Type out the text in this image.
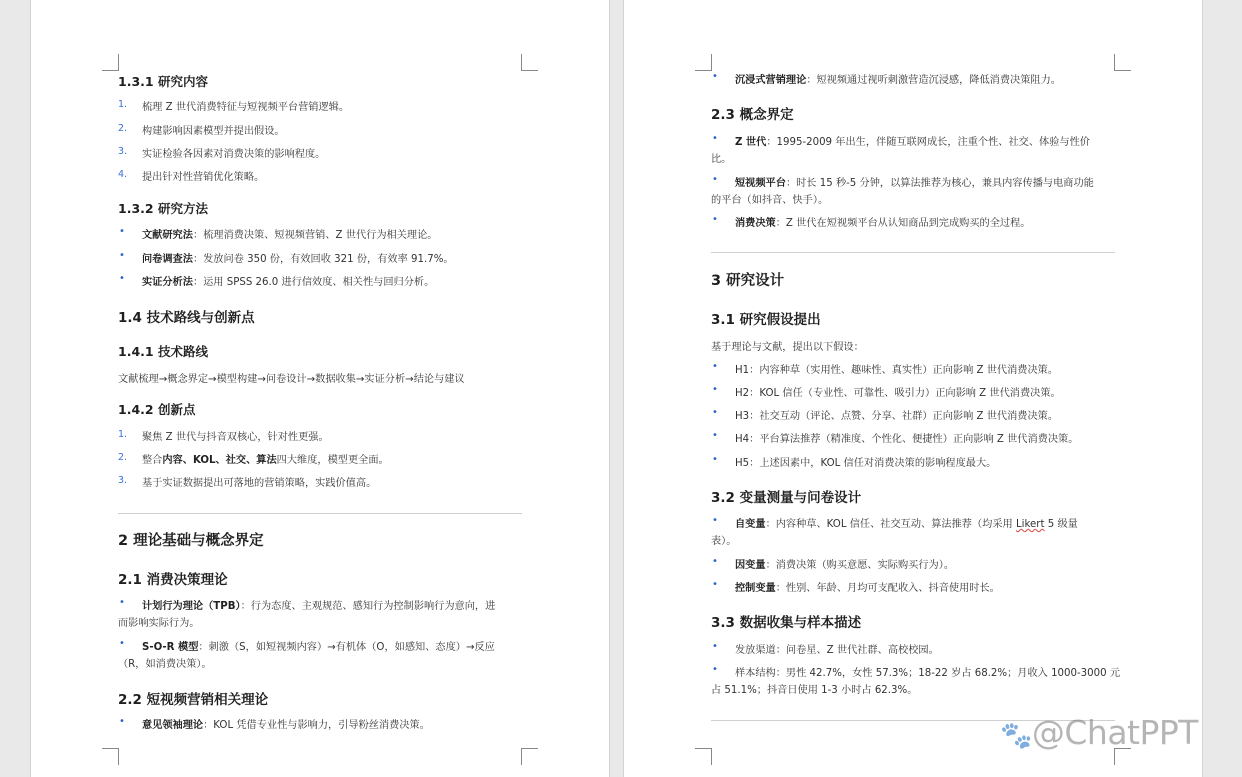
1.3.1 研究内容
1. 梳理 Z 世代消费特征与短视频平台营销逻辑。
2. 构建影响因素模型并提出假设。
3. 实证检验各因素对消费决策的影响程度。
4. 提出针对性营销优化策略。
1.3.2 研究方法
• 文献研究法：梳理消费决策、短视频营销、Z 世代行为相关理论。
• 问卷调查法：发放问卷 350 份，有效回收 321 份，有效率 91.7%。
• 实证分析法：运用 SPSS 26.0 进行信效度、相关性与回归分析。
1.4 技术路线与创新点
1.4.1 技术路线
文献梳理→概念界定→模型构建→问卷设计→数据收集→实证分析→结论与建议
1.4.2 创新点
1. 聚焦 Z 世代与抖音双核心，针对性更强。
2. 整合内容、KOL、社交、算法四大维度，模型更全面。
3. 基于实证数据提出可落地的营销策略，实践价值高。
2 理论基础与概念界定
2.1 消费决策理论
• 计划行为理论（TPB）：行为态度、主观规范、感知行为控制影响行为意向，进
而影响实际行为。
• S-O-R 模型：刺激（S，如短视频内容）→有机体（O，如感知、态度）→反应
（R，如消费决策）。
2.2 短视频营销相关理论
• 意见领袖理论：KOL 凭借专业性与影响力，引导粉丝消费决策。
• 沉浸式营销理论：短视频通过视听刺激营造沉浸感，降低消费决策阻力。
2.3 概念界定
• Z 世代：1995-2009 年出生，伴随互联网成长，注重个性、社交、体验与性价
比。
• 短视频平台：时长 15 秒-5 分钟，以算法推荐为核心，兼具内容传播与电商功能
的平台（如抖音、快手）。
• 消费决策：Z 世代在短视频平台从认知商品到完成购买的全过程。
3 研究设计
3.1 研究假设提出
基于理论与文献，提出以下假设：
• H1：内容种草（实用性、趣味性、真实性）正向影响 Z 世代消费决策。
• H2：KOL 信任（专业性、可靠性、吸引力）正向影响 Z 世代消费决策。
• H3：社交互动（评论、点赞、分享、社群）正向影响 Z 世代消费决策。
• H4：平台算法推荐（精准度、个性化、便捷性）正向影响 Z 世代消费决策。
• H5：上述因素中，KOL 信任对消费决策的影响程度最大。
3.2 变量测量与问卷设计
• 自变量：内容种草、KOL 信任、社交互动、算法推荐（均采用 Likert 5 级量
表）。
• 因变量：消费决策（购买意愿、实际购买行为）。
• 控制变量：性别、年龄、月均可支配收入、抖音使用时长。
3.3 数据收集与样本描述
• 发放渠道：问卷星、Z 世代社群、高校校园。
• 样本结构：男性 42.7%，女性 57.3%；18-22 岁占 68.2%；月收入 1000-3000 元
占 51.1%；抖音日使用 1-3 小时占 62.3%。
🐾@ChatPPT
